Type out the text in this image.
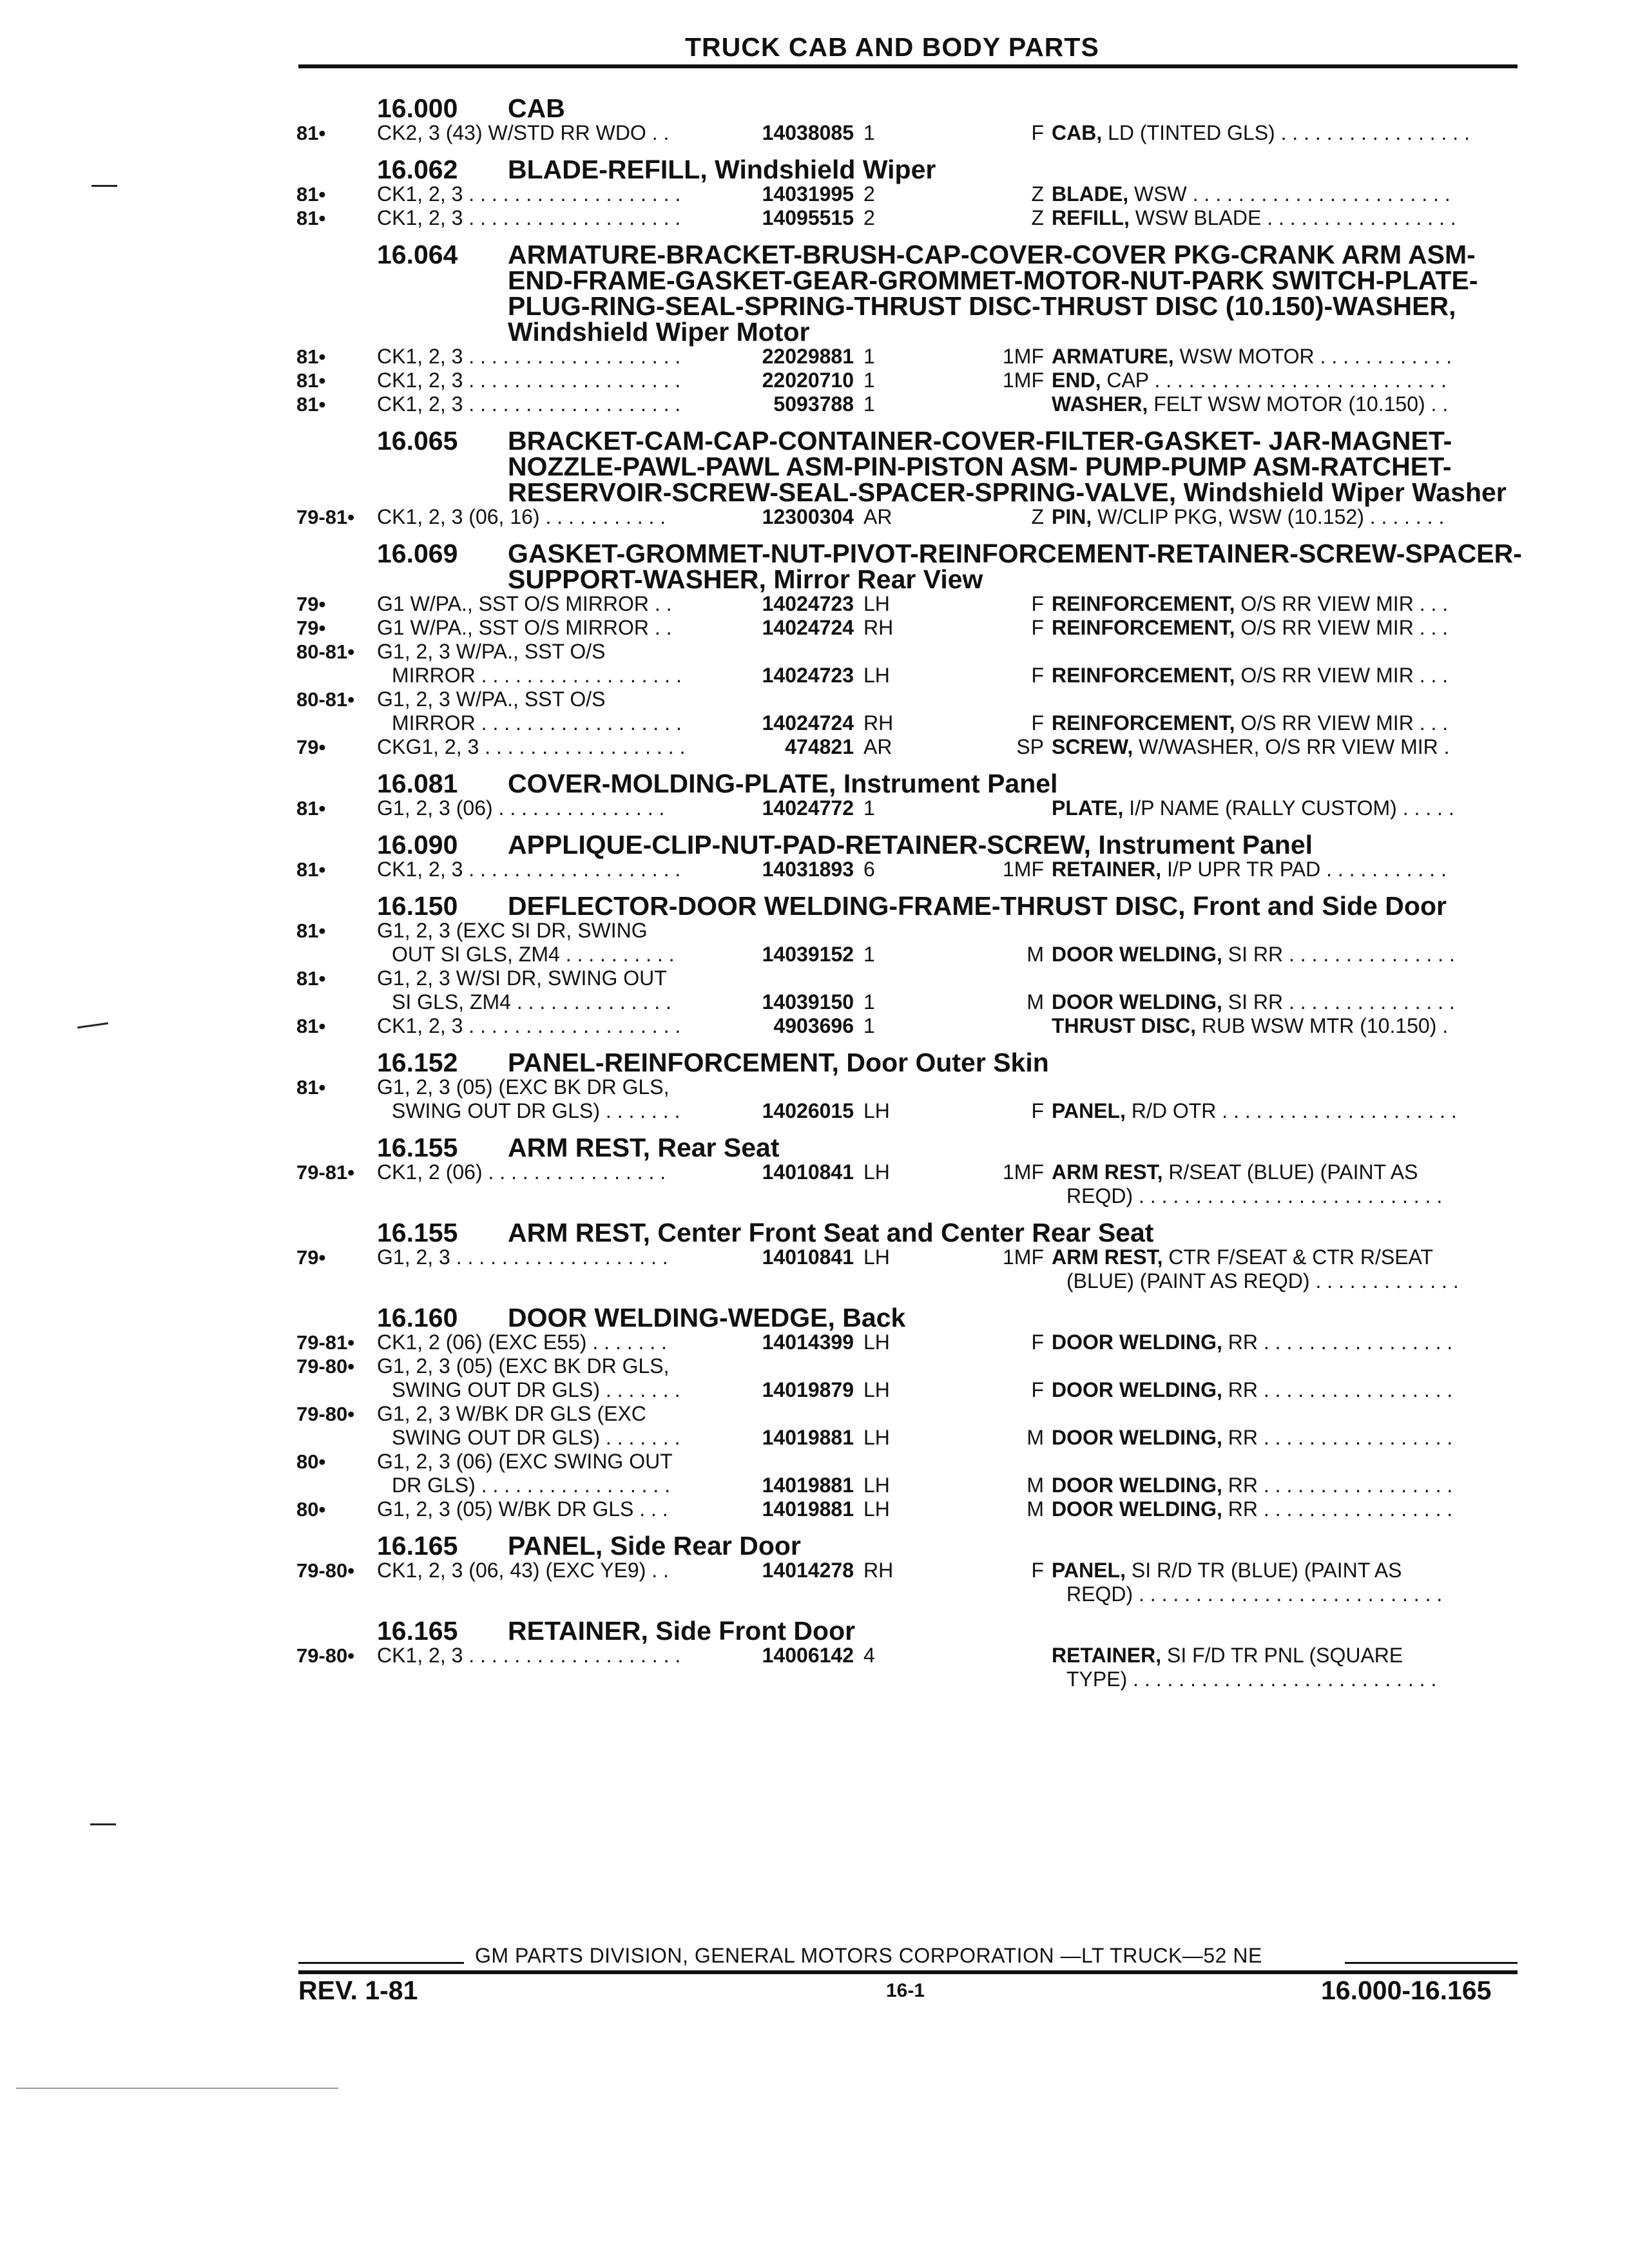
TRUCK CAB AND BODY PARTS
16.000 CAB
81• CK2, 3 (43) W/STD RR WDO . .	14038085 1	F CAB, LD (TINTED GLS) . . . . . . . . . . . . . . . . .
16.062 BLADE-REFILL, Windshield Wiper
81• CK1, 2, 3 . . . . . . . . . . . . . . . . . . .	14031995 2	Z BLADE, WSW . . . . . . . . . . . . . . . . . . . . . . .
81• CK1, 2, 3 . . . . . . . . . . . . . . . . . . .	14095515 2	Z REFILL, WSW BLADE . . . . . . . . . . . . . . . . .
16.064 ARMATURE-BRACKET-BRUSH-CAP-COVER-COVER PKG-CRANK ARM ASM-END-FRAME-GASKET-GEAR-GROMMET-MOTOR-NUT-PARK SWITCH-PLATE-PLUG-RING-SEAL-SPRING-THRUST DISC-THRUST DISC (10.150)-WASHER, Windshield Wiper Motor
81• CK1, 2, 3 . . . . . . . . . . . . . . . . . . .	22029881 1	1MF ARMATURE, WSW MOTOR . . . . . . . . . . . .
81• CK1, 2, 3 . . . . . . . . . . . . . . . . . . .	22020710 1	1MF END, CAP . . . . . . . . . . . . . . . . . . . . . . . . . .
81• CK1, 2, 3 . . . . . . . . . . . . . . . . . . .	5093788 1	WASHER, FELT WSW MOTOR (10.150) . .
16.065 BRACKET-CAM-CAP-CONTAINER-COVER-FILTER-GASKET- JAR-MAGNET-NOZZLE-PAWL-PAWL ASM-PIN-PISTON ASM- PUMP-PUMP ASM-RATCHET-RESERVOIR-SCREW-SEAL-SPACER-SPRING-VALVE, Windshield Wiper Washer
79-81• CK1, 2, 3 (06, 16) . . . . . . . . . . .	12300304 AR	Z PIN, W/CLIP PKG, WSW (10.152) . . . . . . .
16.069 GASKET-GROMMET-NUT-PIVOT-REINFORCEMENT-RETAINER-SCREW-SPACER-SUPPORT-WASHER, Mirror Rear View
79• G1 W/PA., SST O/S MIRROR . .	14024723 LH	F REINFORCEMENT, O/S RR VIEW MIR . . .
79• G1 W/PA., SST O/S MIRROR . .	14024724 RH	F REINFORCEMENT, O/S RR VIEW MIR . . .
80-81• G1, 2, 3 W/PA., SST O/S
MIRROR . . . . . . . . . . . . . . . . . .	14024723 LH	F REINFORCEMENT, O/S RR VIEW MIR . . .
80-81• G1, 2, 3 W/PA., SST O/S
MIRROR . . . . . . . . . . . . . . . . . .	14024724 RH	F REINFORCEMENT, O/S RR VIEW MIR . . .
79• CKG1, 2, 3 . . . . . . . . . . . . . . . . . .	474821 AR	SP SCREW, W/WASHER, O/S RR VIEW MIR .
16.081 COVER-MOLDING-PLATE, Instrument Panel
81• G1, 2, 3 (06) . . . . . . . . . . . . . . .	14024772 1	PLATE, I/P NAME (RALLY CUSTOM) . . . . .
16.090 APPLIQUE-CLIP-NUT-PAD-RETAINER-SCREW, Instrument Panel
81• CK1, 2, 3 . . . . . . . . . . . . . . . . . . .	14031893 6	1MF RETAINER, I/P UPR TR PAD . . . . . . . . . . .
16.150 DEFLECTOR-DOOR WELDING-FRAME-THRUST DISC, Front and Side Door
81• G1, 2, 3 (EXC SI DR, SWING
OUT SI GLS, ZM4 . . . . . . . . . .	14039152 1	M DOOR WELDING, SI RR . . . . . . . . . . . . . . .
81• G1, 2, 3 W/SI DR, SWING OUT
SI GLS, ZM4 . . . . . . . . . . . . . .	14039150 1	M DOOR WELDING, SI RR . . . . . . . . . . . . . . .
81• CK1, 2, 3 . . . . . . . . . . . . . . . . . . .	4903696 1	THRUST DISC, RUB WSW MTR (10.150) .
16.152 PANEL-REINFORCEMENT, Door Outer Skin
81• G1, 2, 3 (05) (EXC BK DR GLS,
SWING OUT DR GLS) . . . . . . .	14026015 LH	F PANEL, R/D OTR . . . . . . . . . . . . . . . . . . . . .
16.155 ARM REST, Rear Seat
79-81• CK1, 2 (06) . . . . . . . . . . . . . . . .	14010841 LH	1MF ARM REST, R/SEAT (BLUE) (PAINT AS
REQD) . . . . . . . . . . . . . . . . . . . . . . . . . . .
16.155 ARM REST, Center Front Seat and Center Rear Seat
79• G1, 2, 3 . . . . . . . . . . . . . . . . . . .	14010841 LH	1MF ARM REST, CTR F/SEAT & CTR R/SEAT
(BLUE) (PAINT AS REQD) . . . . . . . . . . . . .
16.160 DOOR WELDING-WEDGE, Back
79-81• CK1, 2 (06) (EXC E55) . . . . . . .	14014399 LH	F DOOR WELDING, RR . . . . . . . . . . . . . . . . .
79-80• G1, 2, 3 (05) (EXC BK DR GLS,
SWING OUT DR GLS) . . . . . . .	14019879 LH	F DOOR WELDING, RR . . . . . . . . . . . . . . . . .
79-80• G1, 2, 3 W/BK DR GLS (EXC
SWING OUT DR GLS) . . . . . . .	14019881 LH	M DOOR WELDING, RR . . . . . . . . . . . . . . . . .
80• G1, 2, 3 (06) (EXC SWING OUT
DR GLS) . . . . . . . . . . . . . . . . .	14019881 LH	M DOOR WELDING, RR . . . . . . . . . . . . . . . . .
80• G1, 2, 3 (05) W/BK DR GLS . . .	14019881 LH	M DOOR WELDING, RR . . . . . . . . . . . . . . . . .
16.165 PANEL, Side Rear Door
79-80• CK1, 2, 3 (06, 43) (EXC YE9) . .	14014278 RH	F PANEL, SI R/D TR (BLUE) (PAINT AS
REQD) . . . . . . . . . . . . . . . . . . . . . . . . . . .
16.165 RETAINER, Side Front Door
79-80• CK1, 2, 3 . . . . . . . . . . . . . . . . . . .	14006142 4	RETAINER, SI F/D TR PNL (SQUARE
TYPE) . . . . . . . . . . . . . . . . . . . . . . . . . . .
GM PARTS DIVISION, GENERAL MOTORS CORPORATION —LT TRUCK—52 NE
REV. 1-81	16-1	16.000-16.165
